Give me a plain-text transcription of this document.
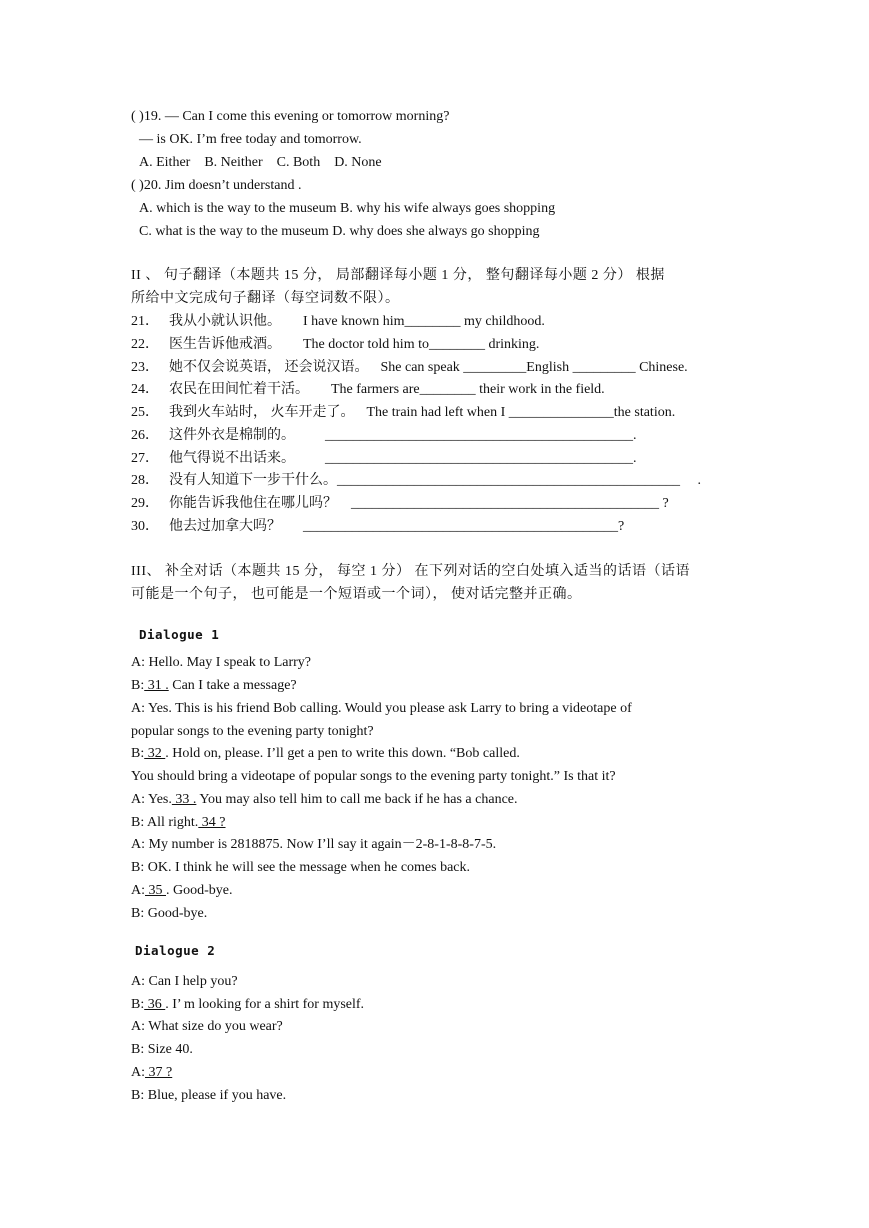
( )19. — Can I come this evening or tomorrow morning?
— is OK. I’m free today and tomorrow.
A. Either    B. Neither    C. Both    D. None
( )20. Jim doesn’t understand .
A. which is the way to the museum B. why his wife always goes shopping
C. what is the way to the museum D. why does she always go shopping
II 、 句子翻译（本题共 15 分， 局部翻译每小题 1 分， 整句翻译每小题 2 分） 根据
所给中文完成句子翻译（每空词数不限）。
21． 我从小就认识他。 I have known him________ my childhood.
22． 医生告诉他戒酒。 The doctor told him to________ drinking.
23． 她不仅会说英语， 还会说汉语。 She can speak _________English _________ Chinese.
24． 农民在田间忙着干活。 The farmers are________ their work in the field.
25． 我到火车站时， 火车开走了。 The train had left when I _______________the station.
26． 这件外衣是棉制的。 ____________________________________________.
27． 他气得说不出话来。 ____________________________________________.
28． 没有人知道下一步干什么。_________________________________________________     .
29． 你能告诉我他住在哪儿吗？ ____________________________________________ ?
30． 他去过加拿大吗？ _____________________________________________?
III、 补全对话（本题共 15 分， 每空 1 分） 在下列对话的空白处填入适当的话语（话语
可能是一个句子， 也可能是一个短语或一个词）， 使对话完整并正确。
Dialogue 1
A: Hello. May I speak to Larry?
B: 31 . Can I take a message?
A: Yes. This is his friend Bob calling. Would you please ask Larry to bring a videotape of
popular songs to the evening party tonight?
B: 32 . Hold on, please. I’ll get a pen to write this down. “Bob called.
You should bring a videotape of popular songs to the evening party tonight.” Is that it?
A: Yes. 33 . You may also tell him to call me back if he has a chance.
B: All right. 34 ?
A: My number is 2818875. Now I’ll say it again－2-8-1-8-8-7-5.
B: OK. I think he will see the message when he comes back.
A: 35 . Good-bye.
B: Good-bye.
Dialogue 2
A: Can I help you?
B: 36 . I’ m looking for a shirt for myself.
A: What size do you wear?
B: Size 40.
A: 37 ?
B: Blue, please if you have.
